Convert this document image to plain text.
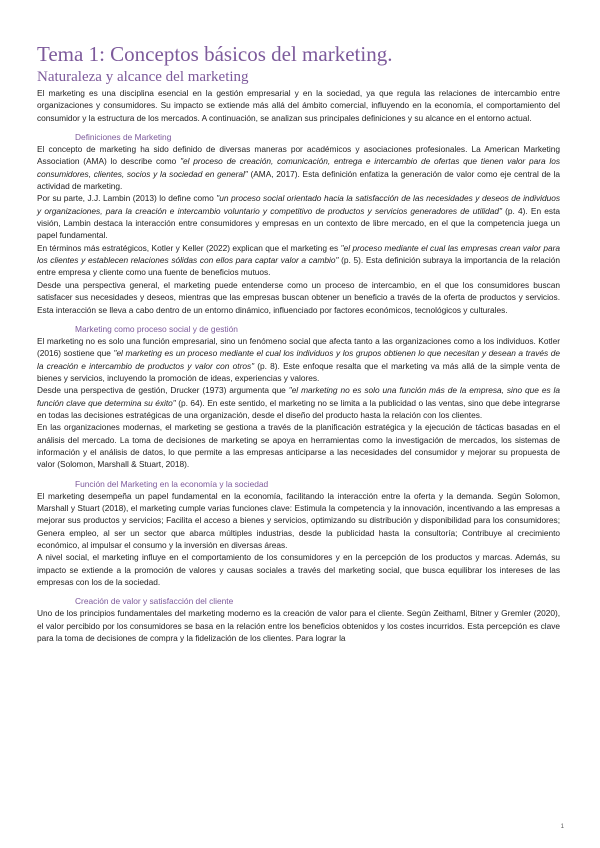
Tema 1: Conceptos básicos del marketing.
Naturaleza y alcance del marketing

El marketing es una disciplina esencial en la gestión empresarial y en la sociedad, ya que regula las relaciones de intercambio entre organizaciones y consumidores. Su impacto se extiende más allá del ámbito comercial, influyendo en la economía, el comportamiento del consumidor y la estructura de los mercados. A continuación, se analizan sus principales definiciones y su alcance en el entorno actual.

Definiciones de Marketing

El concepto de marketing ha sido definido de diversas maneras por académicos y asociaciones profesionales. La American Marketing Association (AMA) lo describe como "el proceso de creación, comunicación, entrega e intercambio de ofertas que tienen valor para los consumidores, clientes, socios y la sociedad en general" (AMA, 2017). Esta definición enfatiza la generación de valor como eje central de la actividad de marketing.

Por su parte, J.J. Lambin (2013) lo define como "un proceso social orientado hacia la satisfacción de las necesidades y deseos de individuos y organizaciones, para la creación e intercambio voluntario y competitivo de productos y servicios generadores de utilidad" (p. 4). En esta visión, Lambin destaca la interacción entre consumidores y empresas en un contexto de libre mercado, en el que la competencia juega un papel fundamental.

En términos más estratégicos, Kotler y Keller (2022) explican que el marketing es "el proceso mediante el cual las empresas crean valor para los clientes y establecen relaciones sólidas con ellos para captar valor a cambio" (p. 5). Esta definición subraya la importancia de la relación entre empresa y cliente como una fuente de beneficios mutuos.

Desde una perspectiva general, el marketing puede entenderse como un proceso de intercambio, en el que los consumidores buscan satisfacer sus necesidades y deseos, mientras que las empresas buscan obtener un beneficio a través de la oferta de productos y servicios. Esta interacción se lleva a cabo dentro de un entorno dinámico, influenciado por factores económicos, tecnológicos y culturales.

Marketing como proceso social y de gestión

El marketing no es solo una función empresarial, sino un fenómeno social que afecta tanto a las organizaciones como a los individuos. Kotler (2016) sostiene que "el marketing es un proceso mediante el cual los individuos y los grupos obtienen lo que necesitan y desean a través de la creación e intercambio de productos y valor con otros" (p. 8). Este enfoque resalta que el marketing va más allá de la simple venta de bienes y servicios, incluyendo la promoción de ideas, experiencias y valores.

Desde una perspectiva de gestión, Drucker (1973) argumenta que "el marketing no es solo una función más de la empresa, sino que es la función clave que determina su éxito" (p. 64). En este sentido, el marketing no se limita a la publicidad o las ventas, sino que debe integrarse en todas las decisiones estratégicas de una organización, desde el diseño del producto hasta la relación con los clientes.

En las organizaciones modernas, el marketing se gestiona a través de la planificación estratégica y la ejecución de tácticas basadas en el análisis del mercado. La toma de decisiones de marketing se apoya en herramientas como la investigación de mercados, los sistemas de información y el análisis de datos, lo que permite a las empresas anticiparse a las necesidades del consumidor y mejorar su propuesta de valor (Solomon, Marshall & Stuart, 2018).

Función del Marketing en la economía y la sociedad

El marketing desempeña un papel fundamental en la economía, facilitando la interacción entre la oferta y la demanda. Según Solomon, Marshall y Stuart (2018), el marketing cumple varias funciones clave: Estimula la competencia y la innovación, incentivando a las empresas a mejorar sus productos y servicios; Facilita el acceso a bienes y servicios, optimizando su distribución y disponibilidad para los consumidores; Genera empleo, al ser un sector que abarca múltiples industrias, desde la publicidad hasta la consultoría; Contribuye al crecimiento económico, al impulsar el consumo y la inversión en diversas áreas.

A nivel social, el marketing influye en el comportamiento de los consumidores y en la percepción de los productos y marcas. Además, su impacto se extiende a la promoción de valores y causas sociales a través del marketing social, que busca equilibrar los intereses de las empresas con los de la sociedad.

Creación de valor y satisfacción del cliente

Uno de los principios fundamentales del marketing moderno es la creación de valor para el cliente. Según Zeithaml, Bitner y Gremler (2020), el valor percibido por los consumidores se basa en la relación entre los beneficios obtenidos y los costes incurridos. Esta percepción es clave para la toma de decisiones de compra y la fidelización de los clientes. Para lograr la

1
